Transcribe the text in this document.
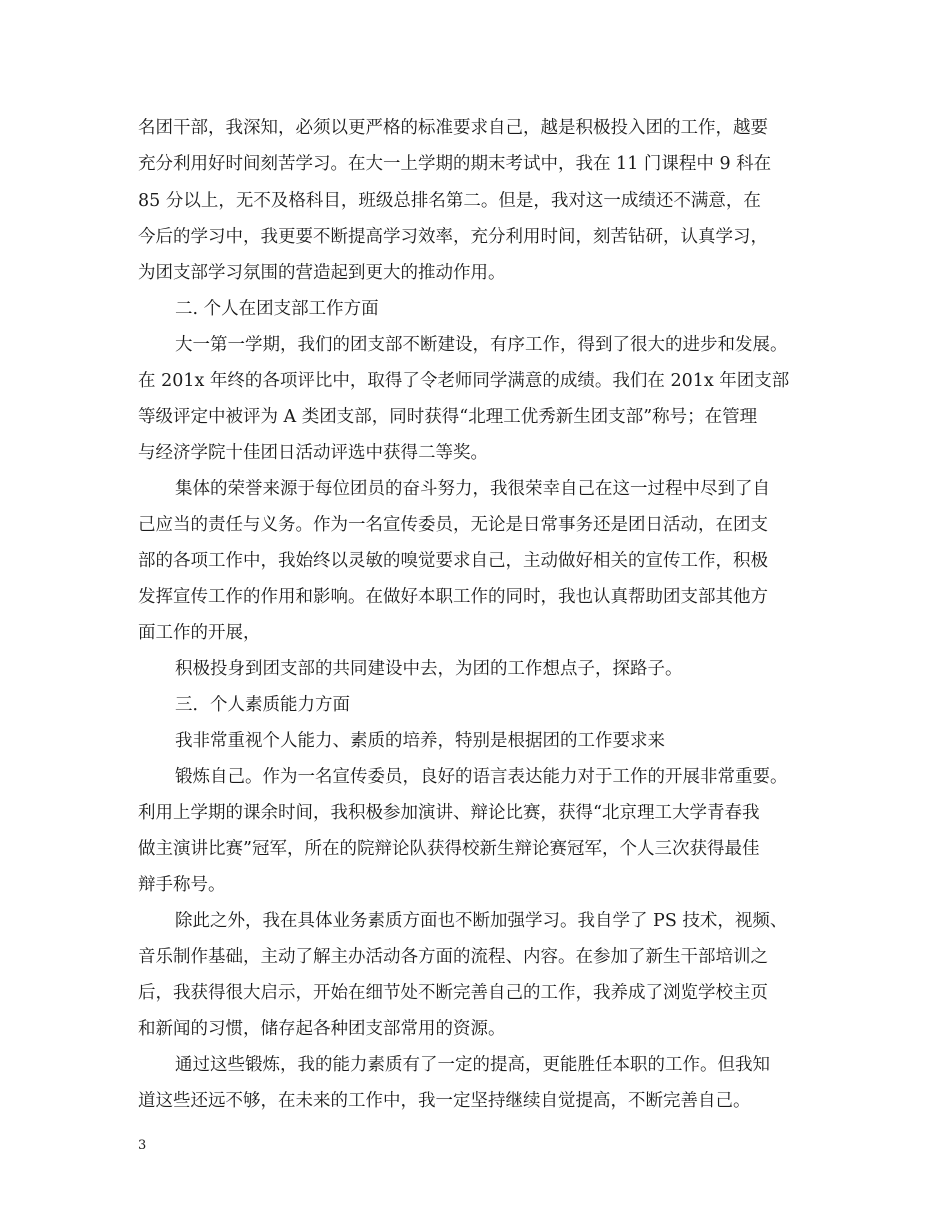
名团干部，我深知，必须以更严格的标准要求自己，越是积极投入团的工作，越要
充分利用好时间刻苦学习。在大一上学期的期末考试中，我在 11 门课程中 9 科在
85 分以上，无不及格科目，班级总排名第二。但是，我对这一成绩还不满意，在
今后的学习中，我更要不断提高学习效率，充分利用时间，刻苦钻研，认真学习，
为团支部学习氛围的营造起到更大的推动作用。
二. 个人在团支部工作方面
大一第一学期，我们的团支部不断建设，有序工作，得到了很大的进步和发展。
在 201x 年终的各项评比中，取得了令老师同学满意的成绩。我们在 201x 年团支部
等级评定中被评为 A 类团支部，同时获得“北理工优秀新生团支部”称号；在管理
与经济学院十佳团日活动评选中获得二等奖。
集体的荣誉来源于每位团员的奋斗努力，我很荣幸自己在这一过程中尽到了自
己应当的责任与义务。作为一名宣传委员，无论是日常事务还是团日活动，在团支
部的各项工作中，我始终以灵敏的嗅觉要求自己，主动做好相关的宣传工作，积极
发挥宣传工作的作用和影响。在做好本职工作的同时，我也认真帮助团支部其他方
面工作的开展，
积极投身到团支部的共同建设中去，为团的工作想点子，探路子。
三．个人素质能力方面
我非常重视个人能力、素质的培养，特别是根据团的工作要求来
锻炼自己。作为一名宣传委员，良好的语言表达能力对于工作的开展非常重要。
利用上学期的课余时间，我积极参加演讲、辩论比赛，获得“北京理工大学青春我
做主演讲比赛”冠军，所在的院辩论队获得校新生辩论赛冠军，个人三次获得最佳
辩手称号。
除此之外，我在具体业务素质方面也不断加强学习。我自学了 PS 技术，视频、
音乐制作基础，主动了解主办活动各方面的流程、内容。在参加了新生干部培训之
后，我获得很大启示，开始在细节处不断完善自己的工作，我养成了浏览学校主页
和新闻的习惯，储存起各种团支部常用的资源。
通过这些锻炼，我的能力素质有了一定的提高，更能胜任本职的工作。但我知
道这些还远不够，在未来的工作中，我一定坚持继续自觉提高，不断完善自己。
3
